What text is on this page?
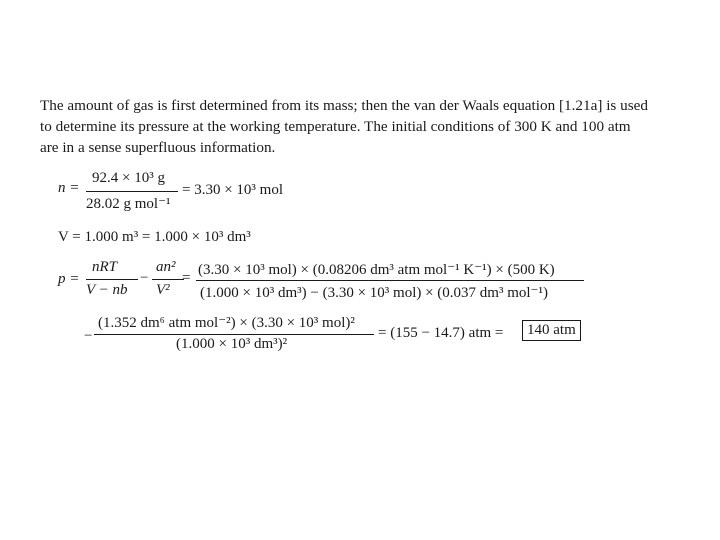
The amount of gas is first determined from its mass; then the van der Waals equation [1.21a] is used
to determine its pressure at the working temperature. The initial conditions of 300 K and 100 atm
are in a sense superfluous information.
n =
92.4 × 10³ g
28.02 g mol⁻¹
= 3.30 × 10³ mol
V = 1.000 m³ = 1.000 × 10³ dm³
p =
nRT
V − nb
−
an²
V²
= (3.30 × 10³ mol) × (0.08206 dm³ atm mol⁻¹ K⁻¹) × (500 K)
(1.000 × 10³ dm³) − (3.30 × 10³ mol) × (0.037 dm³ mol⁻¹)
−
(1.352 dm⁶ atm mol⁻²) × (3.30 × 10³ mol)²
(1.000 × 10³ dm³)²
= (155 − 14.7) atm =	140 atm
